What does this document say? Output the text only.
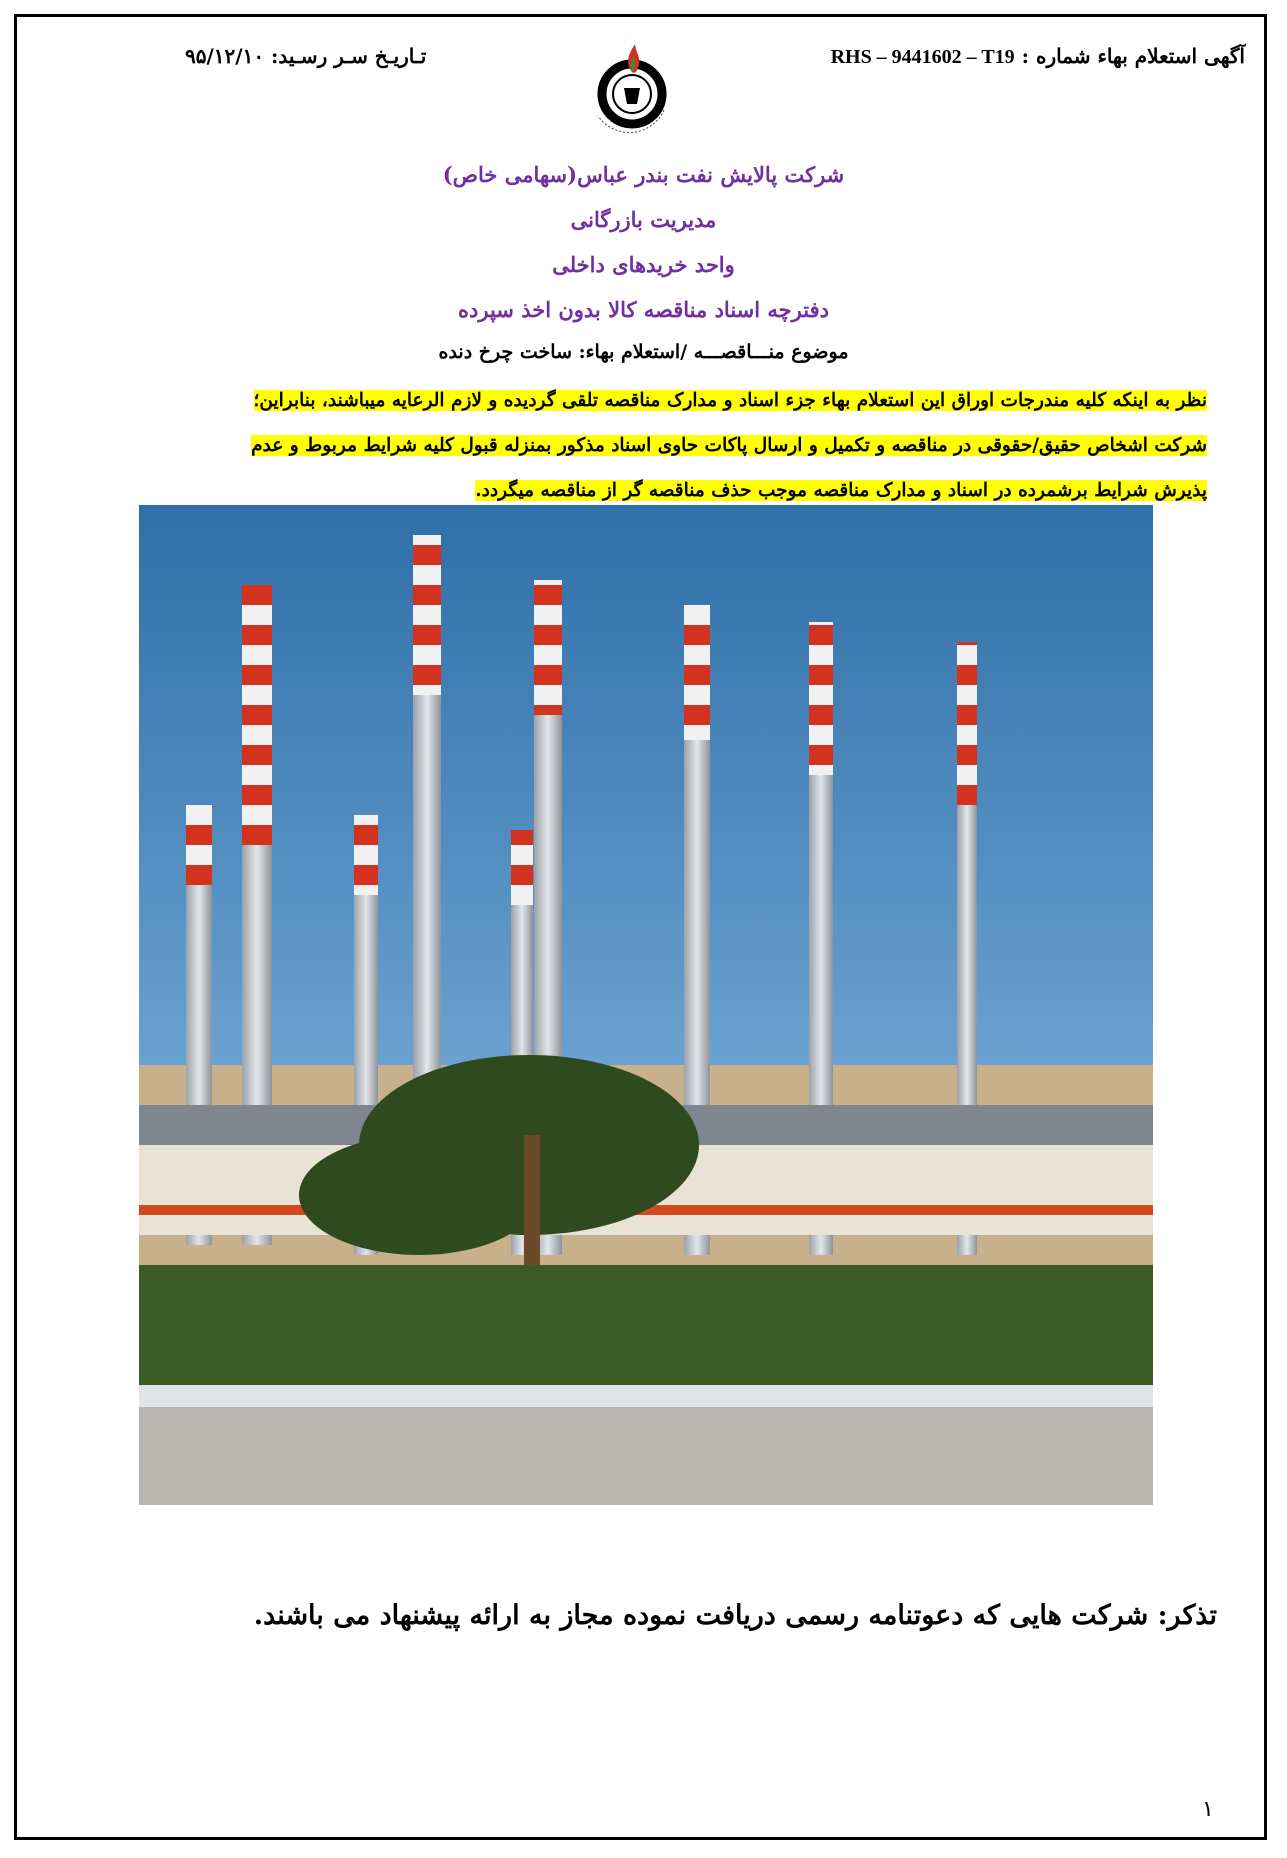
آگهی استعلام بهاء شماره : RHS – 9441602 – T19
تـاريـخ سـر رسـيد: ۹۵/۱۲/۱۰
شرکت پالايش نفت بندر عباس(سهامی خاص)
مديريت بازرگانی
واحد خريدهای داخلی
دفترچه اسناد مناقصه کالا بدون اخذ سپرده
موضوع منـــاقصـــه /استعلام بهاء: ساخت چرخ دنده
نظر به اينکه کليه مندرجات اوراق اين استعلام بهاء جزء اسناد و مدارک مناقصه تلقی گرديده و لازم الرعايه ميباشند، بنابراين؛
شرکت اشخاص حقيق/حقوقی در مناقصه و تکميل و ارسال پاکات حاوی اسناد مذکور بمنزله قبول کليه شرايط مربوط و عدم
پذيرش شرايط برشمرده در اسناد و مدارک مناقصه موجب حذف مناقصه گر از مناقصه ميگردد.
تذکر: شرکت هايی که دعوتنامه رسمی دريافت نموده مجاز به ارائه پيشنهاد می باشند.
۱
